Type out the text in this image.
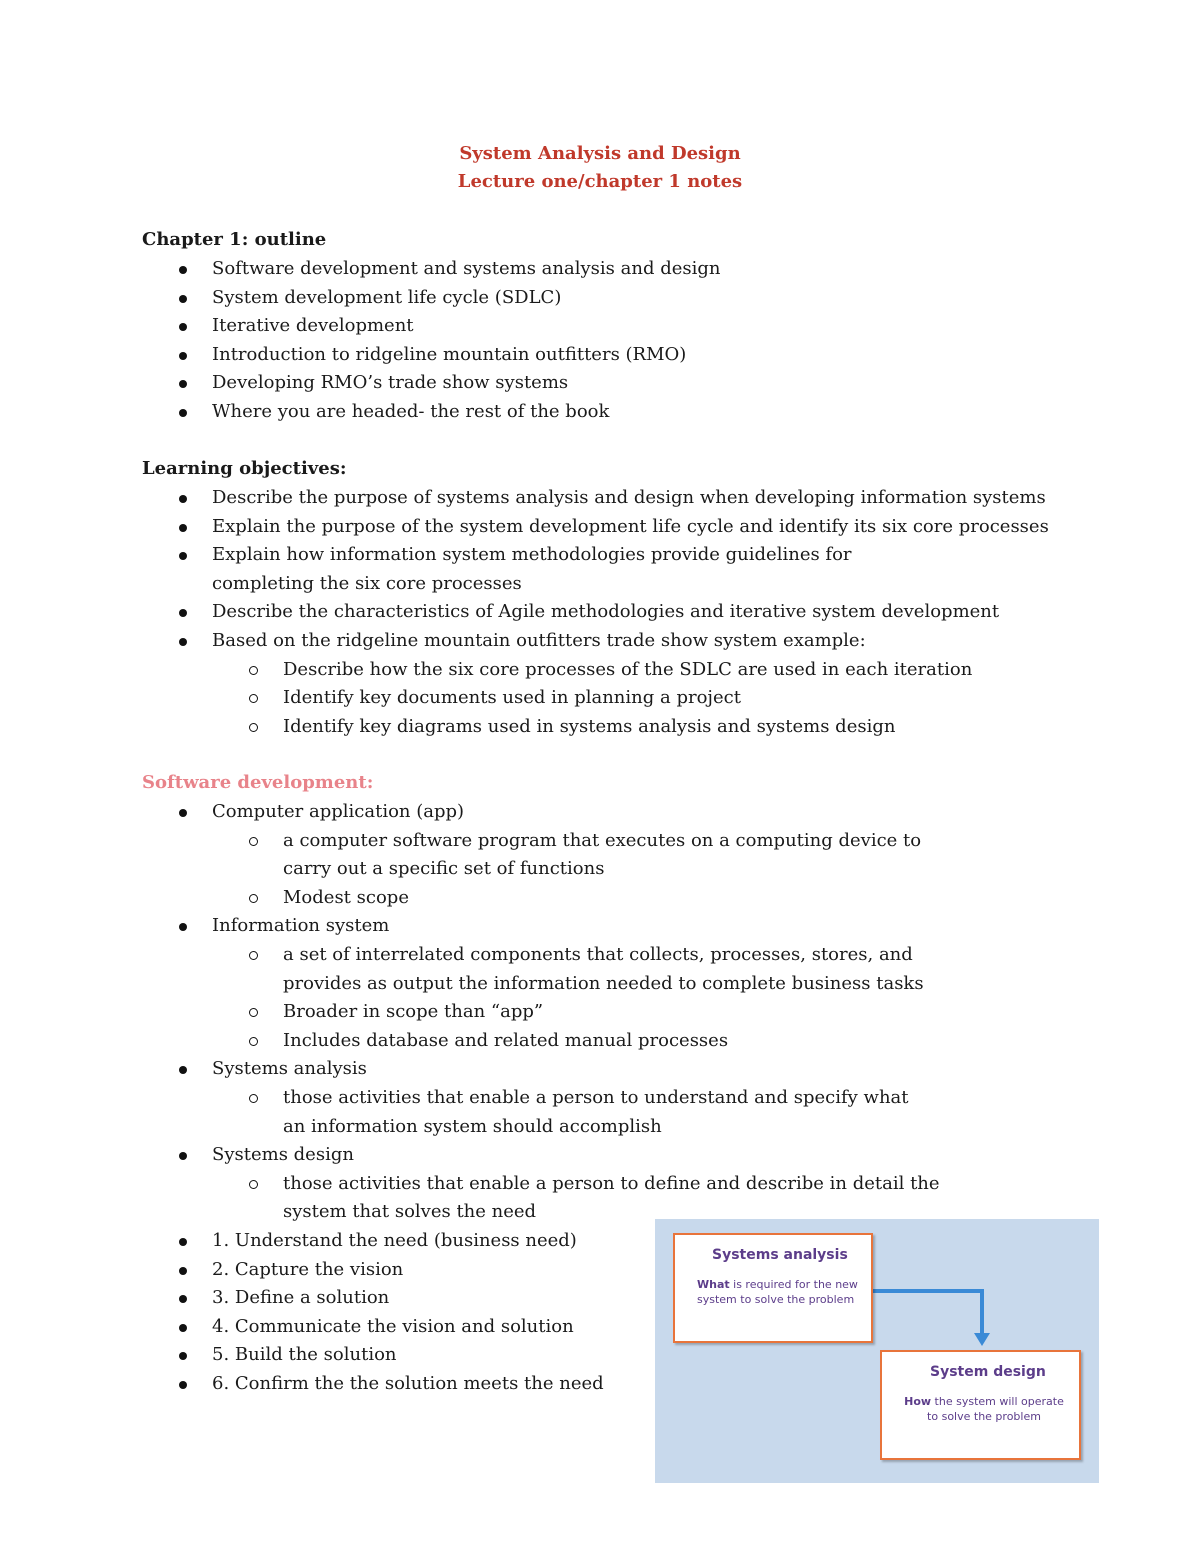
System Analysis and Design

Lecture one/chapter 1 notes

Chapter 1: outline

Software development and systems analysis and design
System development life cycle (SDLC)
Iterative development
Introduction to ridgeline mountain outfitters (RMO)
Developing RMO’s trade show systems
Where you are headed- the rest of the book

Learning objectives:

Describe the purpose of systems analysis and design when developing information systems
Explain the purpose of the system development life cycle and identify its six core processes
Explain how information system methodologies provide guidelines for completing the six core processes
Describe the characteristics of Agile methodologies and iterative system development
Based on the ridgeline mountain outfitters trade show system example:
Describe how the six core processes of the SDLC are used in each iteration
Identify key documents used in planning a project
Identify key diagrams used in systems analysis and systems design

Software development:

Computer application (app)
a computer software program that executes on a computing device to carry out a specific set of functions
Modest scope
Information system
a set of interrelated components that collects, processes, stores, and provides as output the information needed to complete business tasks
Broader in scope than “app”
Includes database and related manual processes
Systems analysis
those activities that enable a person to understand and specify what an information system should accomplish
Systems design
those activities that enable a person to define and describe in detail the system that solves the need
1. Understand the need (business need)
2. Capture the vision
3. Define a solution
4. Communicate the vision and solution
5. Build the solution
6. Confirm the the solution meets the need

Systems analysis

What is required for the new system to solve the problem

System design

How the system will operate to solve the problem
